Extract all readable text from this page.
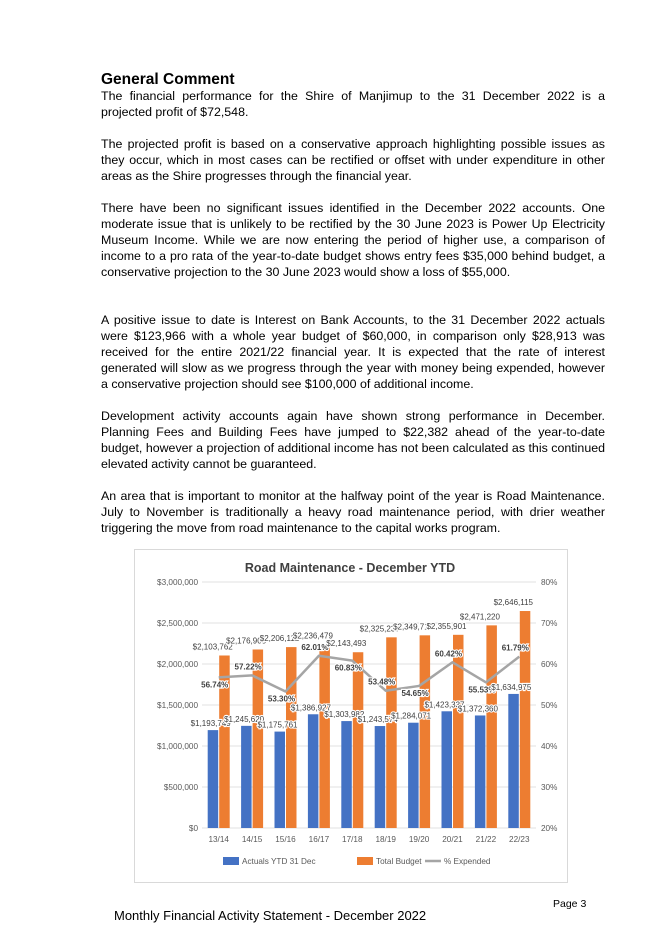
General Comment

The financial performance for the Shire of Manjimup to the 31 December 2022 is a projected profit of $72,548.

The projected profit is based on a conservative approach highlighting possible issues as they occur, which in most cases can be rectified or offset with under expenditure in other areas as the Shire progresses through the financial year.

There have been no significant issues identified in the December 2022 accounts. One moderate issue that is unlikely to be rectified by the 30 June 2023 is Power Up Electricity Museum Income. While we are now entering the period of higher use, a comparison of income to a pro rata of the year-to-date budget shows entry fees $35,000 behind budget, a conservative projection to the 30 June 2023 would show a loss of $55,000.

A positive issue to date is Interest on Bank Accounts, to the 31 December 2022 actuals were $123,966 with a whole year budget of $60,000, in comparison only $28,913 was received for the entire 2021/22 financial year. It is expected that the rate of interest generated will slow as we progress through the year with money being expended, however a conservative projection should see $100,000 of additional income.

Development activity accounts again have shown strong performance in December. Planning Fees and Building Fees have jumped to $22,382 ahead of the year-to-date budget, however a projection of additional income has not been calculated as this continued elevated activity cannot be guaranteed.

An area that is important to monitor at the halfway point of the year is Road Maintenance. July to November is traditionally a heavy road maintenance period, with drier weather triggering the move from road maintenance to the capital works program.

Road Maintenance - December YTD
$0
$500,000
$1,000,000
$1,500,000
$2,000,000
$2,500,000
$3,000,000
20%
30%
40%
50%
60%
70%
80%
13/14 14/15 15/16 16/17 17/18 18/19 19/20 20/21 21/22 22/23
$2,103,762
$1,193,749
56.74%
$2,176,908
$1,245,620
57.22%
$2,206,112
$1,175,761
53.30%
$2,236,479
$1,386,927
62.01%
$2,143,493
$1,303,982
60.83%
$2,325,237
$1,243,574
53.48%
$2,349,710
$1,284,071
54.65%
$2,355,901
$1,423,337
60.42%
$2,471,220
$1,372,360
55.53%
$2,646,115
$1,634,975
61.79%
Actuals YTD 31 Dec	Total Budget	% Expended
Page 3
Monthly Financial Activity Statement - December 2022
